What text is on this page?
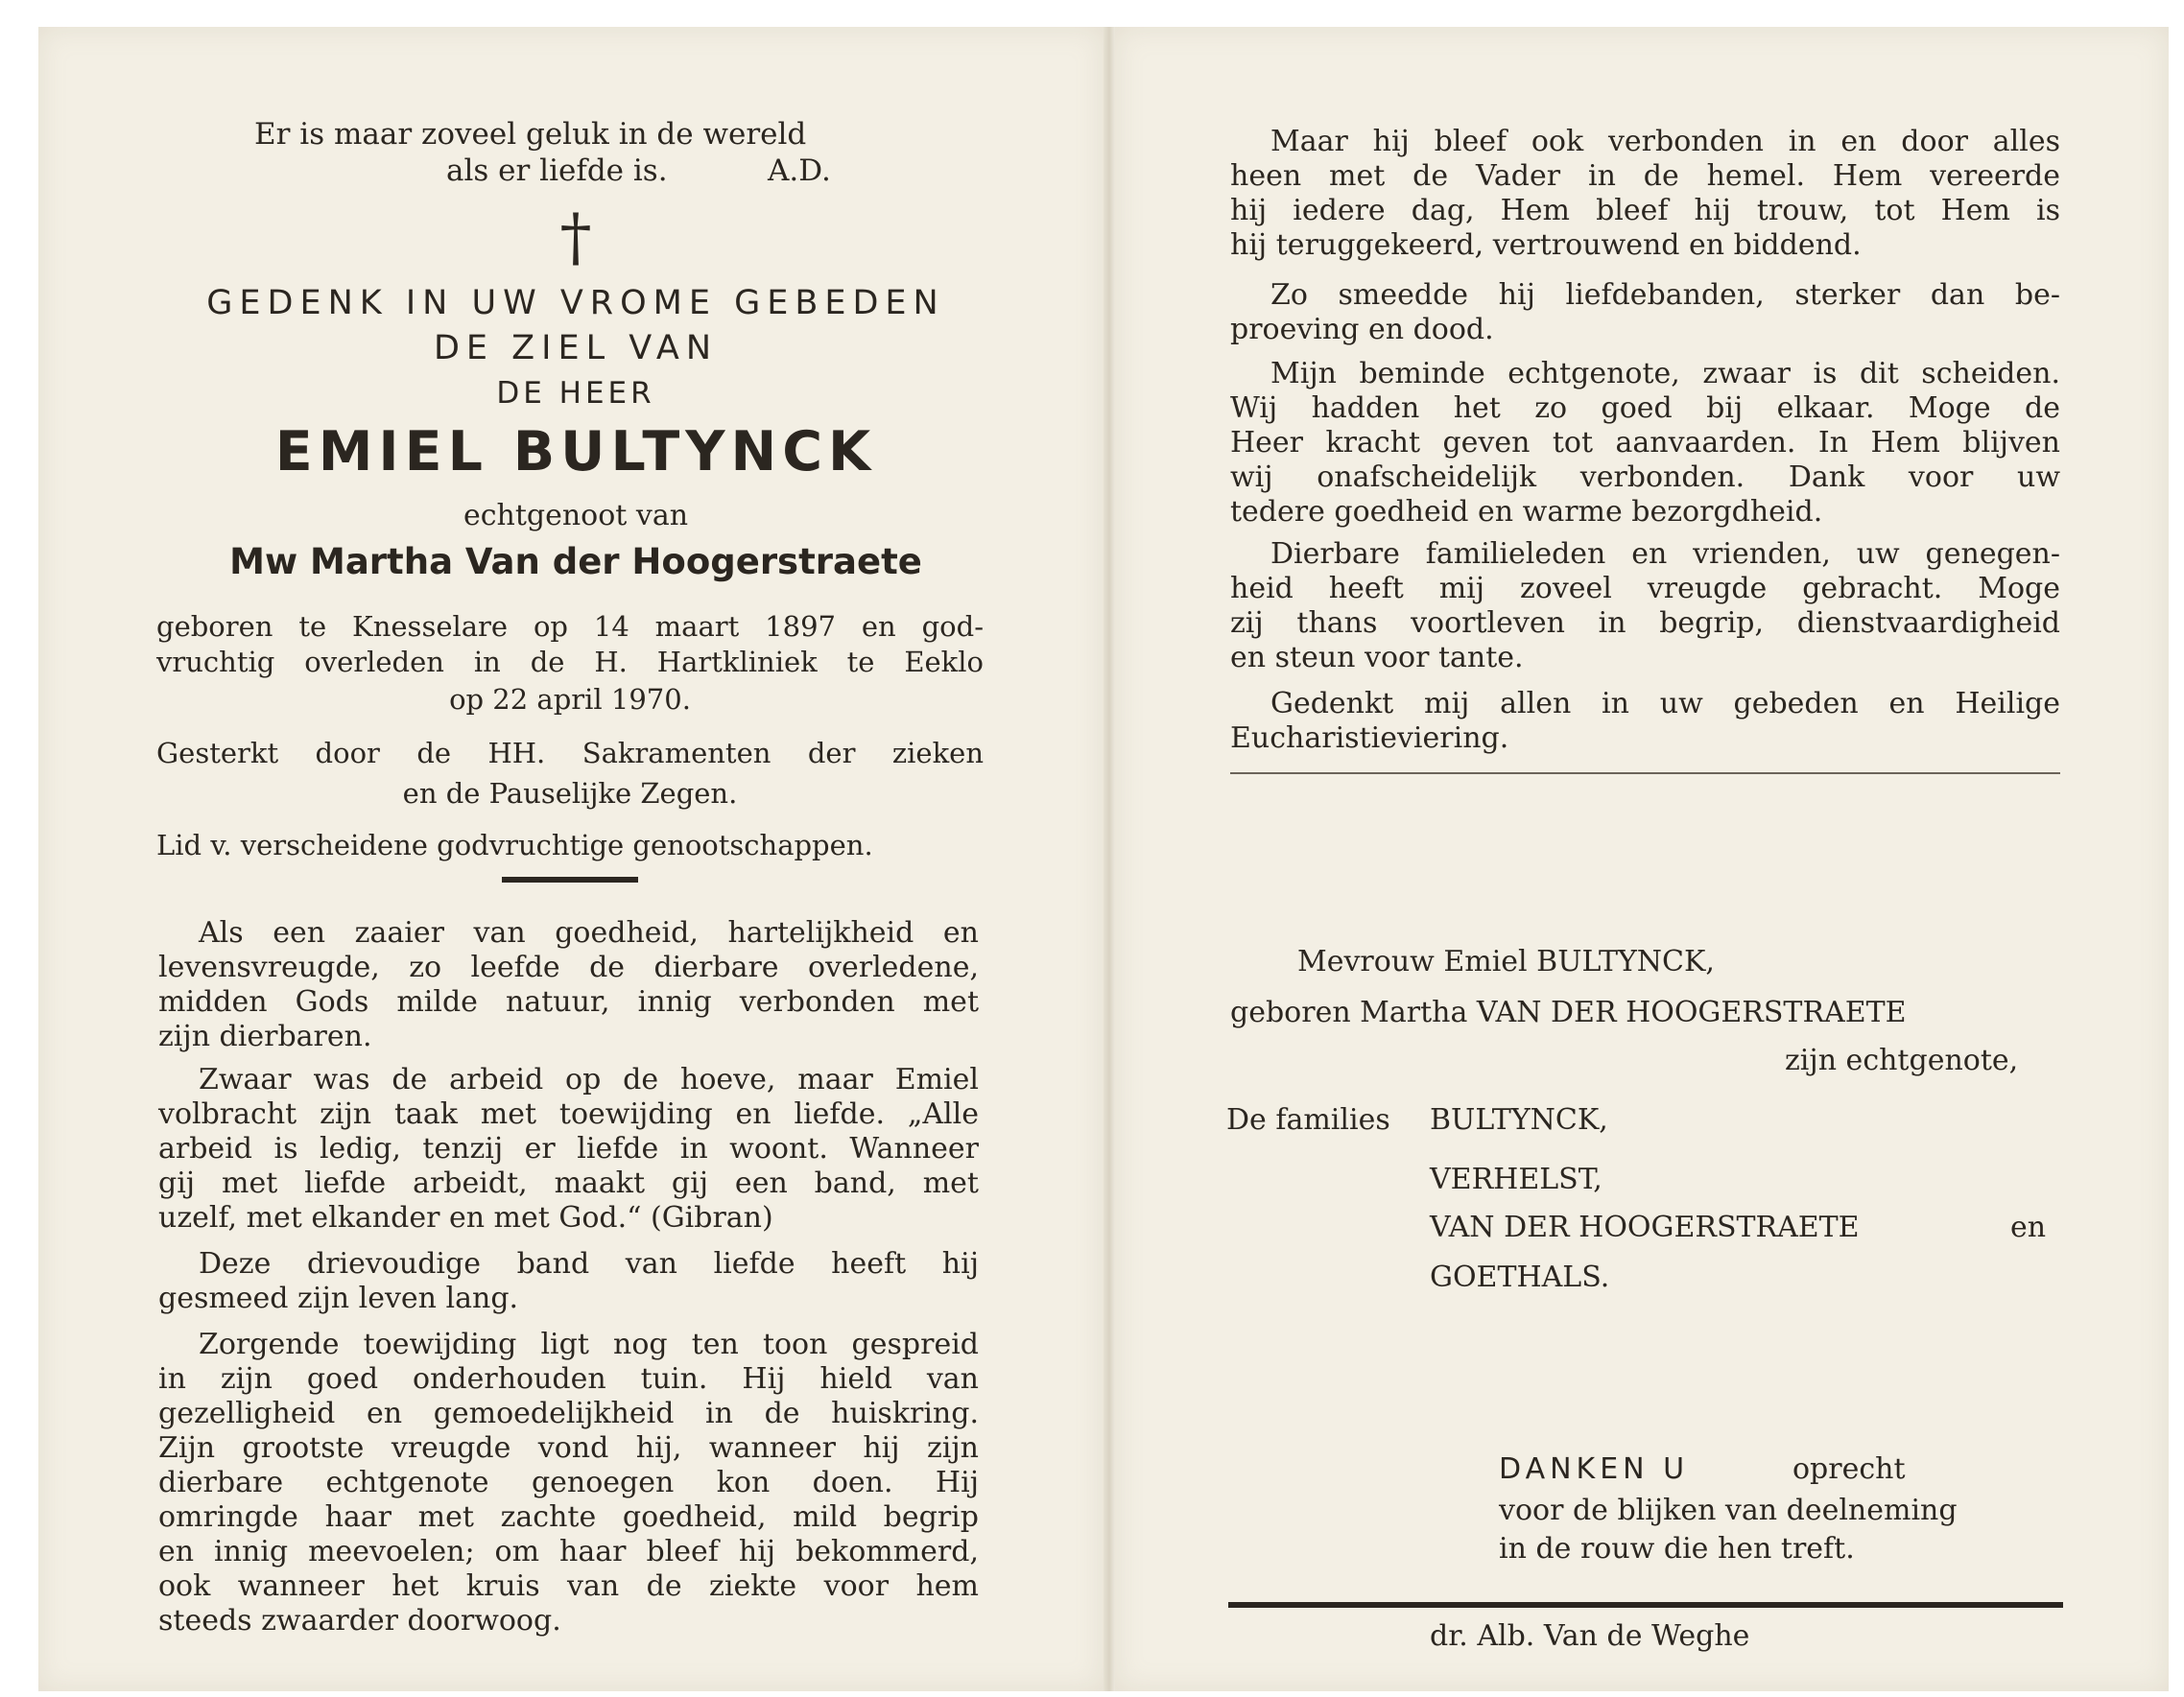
Er is maar zoveel geluk in de wereld
als er liefde is.	A.D.
†
GEDENK IN UW VROME GEBEDEN
DE ZIEL VAN
DE HEER
EMIEL BULTYNCK
echtgenoot van
Mw Martha Van der Hoogerstraete
geboren te Knesselare op 14 maart 1897 en god-
vruchtig overleden in de H. Hartkliniek te Eeklo
op 22 april 1970.
Gesterkt door de HH. Sakramenten der zieken
en de Pauselijke Zegen.
Lid v. verscheidene godvruchtige genootschappen.
Als een zaaier van goedheid, hartelijkheid en
levensvreugde, zo leefde de dierbare overledene,
midden Gods milde natuur, innig verbonden met
zijn dierbaren.
Zwaar was de arbeid op de hoeve, maar Emiel
volbracht zijn taak met toewijding en liefde. „Alle
arbeid is ledig, tenzij er liefde in woont. Wanneer
gij met liefde arbeidt, maakt gij een band, met
uzelf, met elkander en met God.“ (Gibran)
Deze drievoudige band van liefde heeft hij
gesmeed zijn leven lang.
Zorgende toewijding ligt nog ten toon gespreid
in zijn goed onderhouden tuin. Hij hield van
gezelligheid en gemoedelijkheid in de huiskring.
Zijn grootste vreugde vond hij, wanneer hij zijn
dierbare echtgenote genoegen kon doen. Hij
omringde haar met zachte goedheid, mild begrip
en innig meevoelen; om haar bleef hij bekommerd,
ook wanneer het kruis van de ziekte voor hem
steeds zwaarder doorwoog.
Maar hij bleef ook verbonden in en door alles
heen met de Vader in de hemel. Hem vereerde
hij iedere dag, Hem bleef hij trouw, tot Hem is
hij teruggekeerd, vertrouwend en biddend.
Zo smeedde hij liefdebanden, sterker dan be-
proeving en dood.
Mijn beminde echtgenote, zwaar is dit scheiden.
Wij hadden het zo goed bij elkaar. Moge de
Heer kracht geven tot aanvaarden. In Hem blijven
wij onafscheidelijk verbonden. Dank voor uw
tedere goedheid en warme bezorgdheid.
Dierbare familieleden en vrienden, uw genegen-
heid heeft mij zoveel vreugde gebracht. Moge
zij thans voortleven in begrip, dienstvaardigheid
en steun voor tante.
Gedenkt mij allen in uw gebeden en Heilige
Eucharistieviering.
Mevrouw Emiel BULTYNCK,
geboren Martha VAN DER HOOGERSTRAETE
zijn echtgenote,
De families BULTYNCK,
VERHELST,
VAN DER HOOGERSTRAETE	en
GOETHALS.
DANKEN U	oprecht
voor de blijken van deelneming
in de rouw die hen treft.
dr. Alb. Van de Weghe
